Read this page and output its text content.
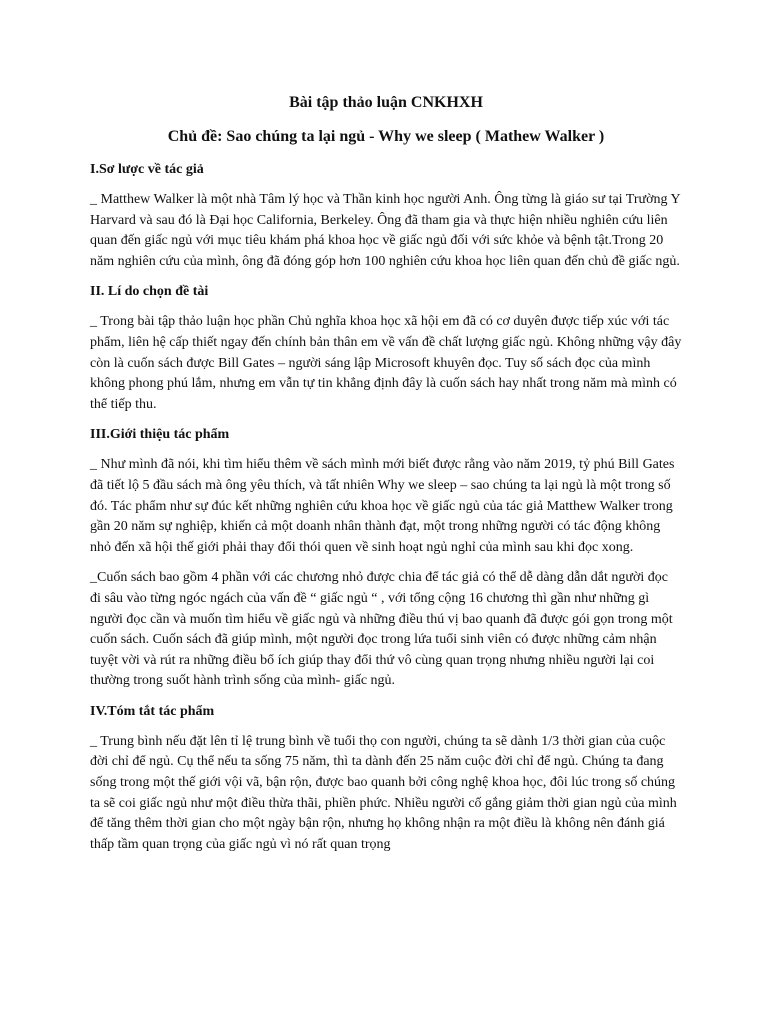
Bài tập thảo luận CNKHXH
Chủ đề: Sao chúng ta lại ngủ - Why we sleep ( Mathew Walker )
I.Sơ lược về tác giả
_ Matthew Walker là một nhà Tâm lý học và Thần kinh học người Anh. Ông từng là giáo sư tại Trường Y Harvard và sau đó là Đại học California, Berkeley. Ông đã tham gia và thực hiện nhiều nghiên cứu liên quan đến giấc ngủ với mục tiêu khám phá khoa học về giấc ngủ đối với sức khỏe và bệnh tật.Trong 20 năm nghiên cứu của mình, ông đã đóng góp hơn 100 nghiên cứu khoa học liên quan đến chủ đề giấc ngủ.
II. Lí do chọn đề tài
_ Trong bài tập thảo luận học phần Chủ nghĩa khoa học xã hội em đã có cơ duyên được tiếp xúc với tác phẩm, liên hệ cấp thiết ngay đến chính bản thân em về vấn đề chất lượng giấc ngủ. Không những vậy đây còn là cuốn sách được Bill Gates – người sáng lập Microsoft khuyên đọc. Tuy số sách đọc của mình không phong phú lắm, nhưng em vẫn tự tin khẳng định đây là cuốn sách hay nhất trong năm mà mình có thể tiếp thu.
III.Giới thiệu tác phẩm
_ Như mình đã nói, khi tìm hiểu thêm về sách mình mới biết được rằng vào năm 2019, tỷ phú Bill Gates đã tiết lộ 5 đầu sách mà ông yêu thích, và tất nhiên Why we sleep – sao chúng ta lại ngủ là một trong số đó. Tác phẩm như sự đúc kết những nghiên cứu khoa học về giấc ngủ của tác giả Matthew Walker trong gần 20 năm sự nghiệp, khiến cả một doanh nhân thành đạt, một trong những người có tác động không nhỏ đến xã hội thế giới phải thay đổi thói quen về sinh hoạt ngủ nghỉ của mình sau khi đọc xong.
_Cuốn sách bao gồm 4 phần với các chương nhỏ được chia để tác giả có thể dễ dàng dẫn dắt người đọc đi sâu vào từng ngóc ngách của vấn đề “ giấc ngủ “ , với tổng cộng 16 chương thì gần như những gì người đọc cần và muốn tìm hiểu về giấc ngủ và những điều thú vị bao quanh đã được gói gọn trong một cuốn sách. Cuốn sách đã giúp mình, một người đọc trong lứa tuổi sinh viên có được những cảm nhận tuyệt vời và rút ra những điều bổ ích giúp thay đổi thứ vô cùng quan trọng nhưng nhiều người lại coi thường trong suốt hành trình sống của mình- giấc ngủ.
IV.Tóm tắt tác phẩm
_ Trung bình nếu đặt lên tỉ lệ trung bình về tuổi thọ con người, chúng ta sẽ dành 1/3 thời gian của cuộc đời chỉ để ngủ. Cụ thể nếu ta sống 75 năm, thì ta dành đến 25 năm cuộc đời chỉ để ngủ. Chúng ta đang sống trong một thế giới vội vã, bận rộn, được bao quanh bởi công nghệ khoa học, đôi lúc trong số chúng ta sẽ coi giấc ngủ như một điều thừa thãi, phiền phức. Nhiều người cố gắng giảm thời gian ngủ của mình để tăng thêm thời gian cho một ngày bận rộn, nhưng họ không nhận ra một điều là không nên đánh giá thấp tầm quan trọng của giấc ngủ vì nó rất quan trọng
